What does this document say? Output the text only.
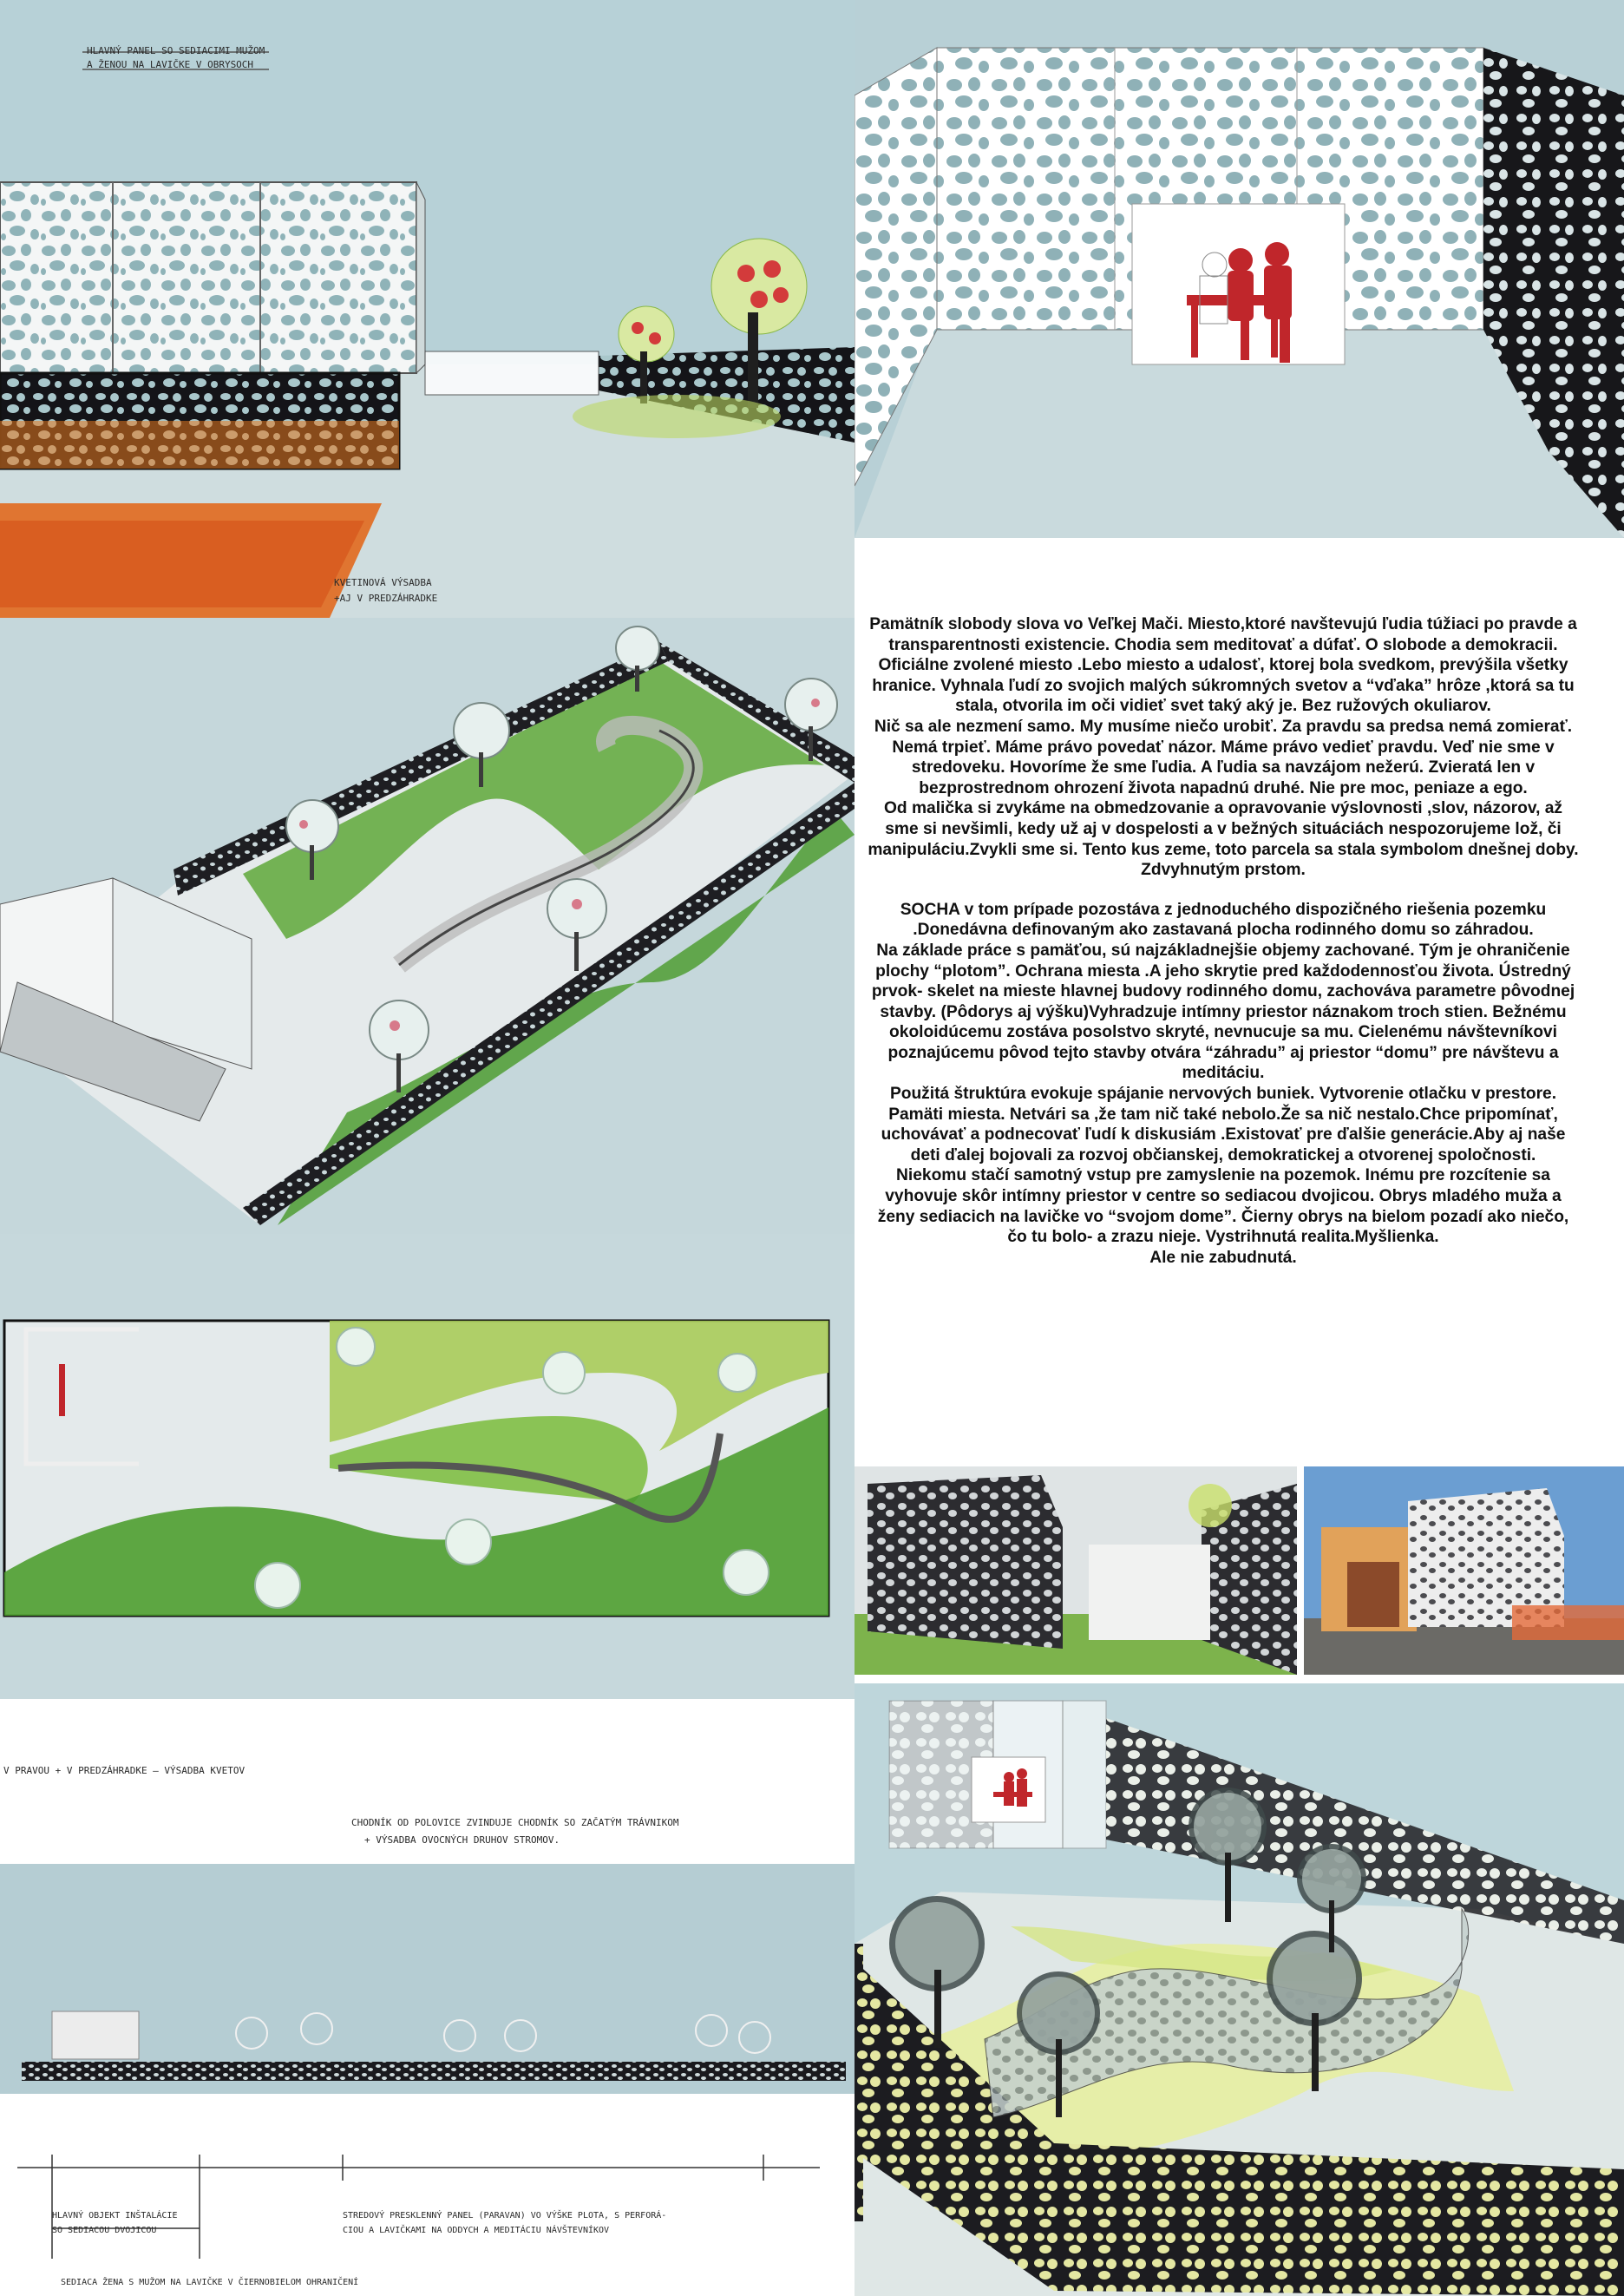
HLAVNÝ PANEL SO SEDIACIMI MUŽOM
A ŽENOU NA LAVIČKE V OBRYSOCH
KVETINOVÁ VÝSADBA
+AJ V PREDZÁHRADKE
V PRAVOU + V PREDZÁHRADKE – VÝSADBA KVETOV
CHODNÍK OD POLOVICE ZVINDUJE CHODNÍK SO ZAČATÝM TRÁVNIKOM
+ VÝSADBA OVOCNÝCH DRUHOV STROMOV.
HLAVNÝ OBJEKT INŠTALÁCIE
SO SEDIACOU DVOJICOU
STREDOVÝ PRESKLENNÝ PANEL (PARAVAN) VO VÝŠKE PLOTA, S PERFORÁ-
CIOU A LAVIČKAMI NA ODDYCH A MEDITÁCIU NÁVŠTEVNÍKOV
SEDIACA ŽENA S MUŽOM NA LAVIČKE V ČIERNOBIELOM OHRANIČENÍ

Pamätník slobody slova vo Veľkej Mači. Miesto,ktoré navštevujú ľudia túžiaci po pravde a transparentnosti existencie. Chodia sem meditovať a dúfať. O slobode a demokracii. Oficiálne zvolené miesto .Lebo miesto a udalosť, ktorej bola svedkom, prevýšila všetky hranice. Vyhnala ľudí zo svojich malých súkromných svetov a “vďaka” hrôze ,ktorá sa tu stala, otvorila im oči vidieť svet taký aký je. Bez ružových okuliarov.

Nič sa ale nezmení samo. My musíme niečo urobiť. Za pravdu sa predsa nemá zomierať. Nemá trpieť. Máme právo povedať názor. Máme právo vedieť pravdu. Veď nie sme v stredoveku. Hovoríme že sme ľudia. A ľudia sa navzájom nežerú. Zvieratá len v bezprostrednom ohrození života napadnú druhé. Nie pre moc, peniaze a ego.

Od malička si zvykáme na obmedzovanie a opravovanie výslovnosti ,slov, názorov, až sme si nevšimli, kedy už aj v dospelosti a v bežných situáciách nespozorujeme lož, či manipuláciu.Zvykli sme si. Tento kus zeme, toto parcela sa stala symbolom dnešnej doby. Zdvyhnutým prstom.

SOCHA v tom prípade pozostáva z jednoduchého dispozičného riešenia pozemku .Donedávna definovaným ako zastavaná plocha rodinného domu so záhradou.

Na základe práce s pamäťou, sú najzákladnejšie objemy zachované. Tým je ohraničenie plochy “plotom”. Ochrana miesta .A jeho skrytie pred každodennosťou života. Ústredný prvok- skelet na mieste hlavnej budovy rodinného domu, zachováva parametre pôvodnej stavby. (Pôdorys aj výšku)Vyhradzuje intímny priestor náznakom troch stien. Bežnému okoloidúcemu zostáva posolstvo skryté, nevnucuje sa mu. Cielenému návštevníkovi poznajúcemu pôvod tejto stavby otvára “záhradu” aj priestor “domu” pre návštevu a meditáciu.

Použitá štruktúra evokuje spájanie nervových buniek. Vytvorenie otlačku v prestore. Pamäti miesta. Netvári sa ,že tam nič také nebolo.Že sa nič nestalo.Chce pripomínať, uchovávať a podnecovať ľudí k diskusiám .Existovať pre ďalšie generácie.Aby aj naše deti ďalej bojovali za rozvoj občianskej, demokratickej a otvorenej spoločnosti.

Niekomu stačí samotný vstup pre zamyslenie na pozemok. Inému pre rozcítenie sa vyhovuje skôr intímny priestor v centre so sediacou dvojicou. Obrys mladého muža a ženy sediacich na lavičke vo “svojom dome”. Čierny obrys na bielom pozadí ako niečo, čo tu bolo- a zrazu nieje. Vystrihnutá realita.Myšlienka.

Ale nie zabudnutá.
